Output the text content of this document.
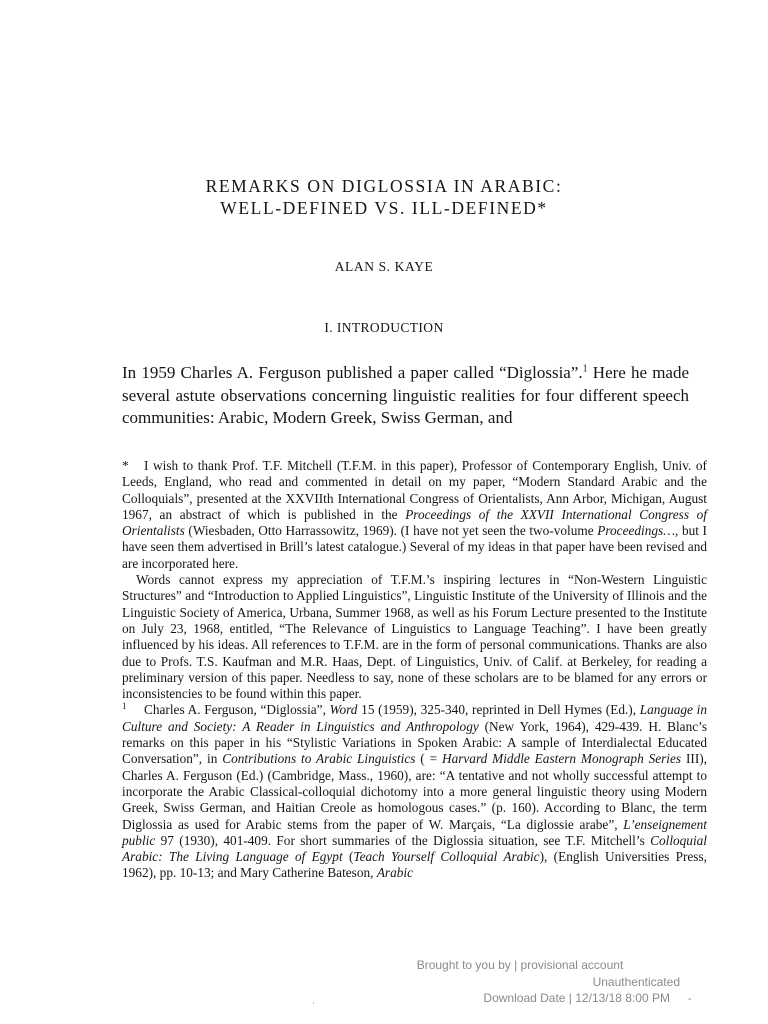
REMARKS ON DIGLOSSIA IN ARABIC:
WELL-DEFINED VS. ILL-DEFINED*
ALAN S. KAYE
I. INTRODUCTION
In 1959 Charles A. Ferguson published a paper called “Diglossia”.$^1$ Here he made several astute observations concerning linguistic realities for four different speech communities: Arabic, Modern Greek, Swiss German, and

* I wish to thank Prof. T.F. Mitchell (T.F.M. in this paper), Professor of Contemporary English, Univ. of Leeds, England, who read and commented in detail on my paper, “Modern Standard Arabic and the Colloquials”, presented at the XXVIIth International Congress of Orientalists, Ann Arbor, Michigan, August 1967, an abstract of which is published in the Proceedings of the XXVII International Congress of Orientalists (Wiesbaden, Otto Harrassowitz, 1969). (I have not yet seen the two-volume Proceedings…, but I have seen them advertised in Brill’s latest catalogue.) Several of my ideas in that paper have been revised and are incorporated here.

Words cannot express my appreciation of T.F.M.’s inspiring lectures in “Non-Western Linguistic Structures” and “Introduction to Applied Linguistics”, Linguistic Institute of the University of Illinois and the Linguistic Society of America, Urbana, Summer 1968, as well as his Forum Lecture presented to the Institute on July 23, 1968, entitled, “The Relevance of Linguistics to Language Teaching”. I have been greatly influenced by his ideas. All references to T.F.M. are in the form of personal communications. Thanks are also due to Profs. T.S. Kaufman and M.R. Haas, Dept. of Linguistics, Univ. of Calif. at Berkeley, for reading a preliminary version of this paper. Needless to say, none of these scholars are to be blamed for any errors or inconsistencies to be found within this paper.

1 Charles A. Ferguson, “Diglossia”, Word 15 (1959), 325-340, reprinted in Dell Hymes (Ed.), Language in Culture and Society: A Reader in Linguistics and Anthropology (New York, 1964), 429-439. H. Blanc’s remarks on this paper in his “Stylistic Variations in Spoken Arabic: A sample of Interdialectal Educated Conversation”, in Contributions to Arabic Linguistics ( = Harvard Middle Eastern Monograph Series III), Charles A. Ferguson (Ed.) (Cambridge, Mass., 1960), are: “A tentative and not wholly successful attempt to incorporate the Arabic Classical-colloquial dichotomy into a more general linguistic theory using Modern Greek, Swiss German, and Haitian Creole as homologous cases.” (p. 160). According to Blanc, the term Diglossia as used for Arabic stems from the paper of W. Marçais, “La diglossie arabe”, L’enseignement public 97 (1930), 401-409. For short summaries of the Diglossia situation, see T.F. Mitchell’s Colloquial Arabic: The Living Language of Egypt (Teach Yourself Colloquial Arabic), (English Universities Press, 1962), pp. 10-13; and Mary Catherine Bateson, Arabic

Brought to you by | provisional account
Unauthenticated
Download Date | 12/13/18 8:00 PM
ˌ	-
